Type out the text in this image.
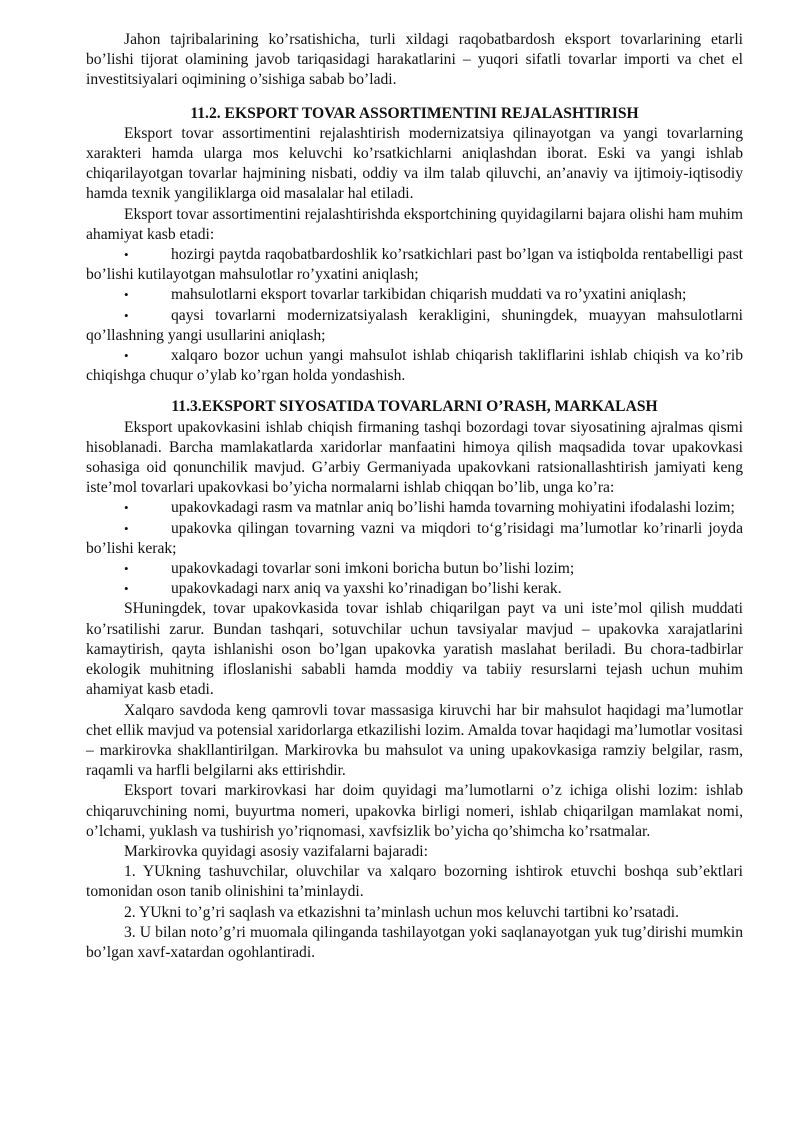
Jahon tajribalarining ko’rsatishicha, turli xildagi raqobatbardosh eksport tovarlarining etarli bo’lishi tijorat olamining javob tariqasidagi harakatlarini – yuqori sifatli tovarlar importi va chet el investitsiyalari oqimining o’sishiga sabab bo’ladi.

11.2. EKSPORT TOVAR ASSORTIMENTINI REJALASHTIRISH

Eksport tovar assortimentini rejalashtirish modernizatsiya qilinayotgan va yangi tovarlarning xarakteri hamda ularga mos keluvchi ko’rsatkichlarni aniqlashdan iborat. Eski va yangi ishlab chiqarilayotgan tovarlar hajmining nisbati, oddiy va ilm talab qiluvchi, an’anaviy va ijtimoiy-iqtisodiy hamda texnik yangiliklarga oid masalalar hal etiladi.

Eksport tovar assortimentini rejalashtirishda eksportchining quyidagilarni bajara olishi ham muhim ahamiyat kasb etadi:

•	hozirgi paytda raqobatbardoshlik ko’rsatkichlari past bo’lgan va istiqbolda rentabelligi past bo’lishi kutilayotgan mahsulotlar ro’yxatini aniqlash;
•	mahsulotlarni eksport tovarlar tarkibidan chiqarish muddati va ro’yxatini aniqlash;
•	qaysi tovarlarni modernizatsiyalash kerakligini, shuningdek, muayyan mahsulotlarni qo’llashning yangi usullarini aniqlash;
•	xalqaro bozor uchun yangi mahsulot ishlab chiqarish takliflarini ishlab chiqish va ko’rib chiqishga chuqur o’ylab ko’rgan holda yondashish.
11.3.EKSPORT SIYOSATIDA TOVARLARNI O’RASH, MARKALASH

Eksport upakovkasini ishlab chiqish firmaning tashqi bozordagi tovar siyosatining ajralmas qismi hisoblanadi. Barcha mamlakatlarda xaridorlar manfaatini himoya qilish maqsadida tovar upakovkasi sohasiga oid qonunchilik mavjud. G’arbiy Germaniyada upakovkani ratsionallashtirish jamiyati keng iste’mol tovarlari upakovkasi bo’yicha normalarni ishlab chiqqan bo’lib, unga ko’ra:

•	upakovkadagi rasm va matnlar aniq bo’lishi hamda tovarning mohiyatini ifodalashi lozim;
•	upakovka qilingan tovarning vazni va miqdori to‘g’risidagi ma’lumotlar ko’rinarli joyda bo’lishi kerak;
•	upakovkadagi tovarlar soni imkoni boricha butun bo’lishi lozim;
•	upakovkadagi narx aniq va yaxshi ko’rinadigan bo’lishi kerak.

SHuningdek, tovar upakovkasida tovar ishlab chiqarilgan payt va uni iste’mol qilish muddati ko’rsatilishi zarur. Bundan tashqari, sotuvchilar uchun tavsiyalar mavjud – upakovka xarajatlarini kamaytirish, qayta ishlanishi oson bo’lgan upakovka yaratish maslahat beriladi. Bu chora-tadbirlar ekologik muhitning ifloslanishi sababli hamda moddiy va tabiiy resurslarni tejash uchun muhim ahamiyat kasb etadi.

Xalqaro savdoda keng qamrovli tovar massasiga kiruvchi har bir mahsulot haqidagi ma’lumotlar chet ellik mavjud va potensial xaridorlarga etkazilishi lozim. Amalda tovar haqidagi ma’lumotlar vositasi – markirovka shakllantirilgan. Markirovka bu mahsulot va uning upakovkasiga ramziy belgilar, rasm, raqamli va harfli belgilarni aks ettirishdir.

Eksport tovari markirovkasi har doim quyidagi ma’lumotlarni o’z ichiga olishi lozim: ishlab chiqaruvchining nomi, buyurtma nomeri, upakovka birligi nomeri, ishlab chiqarilgan mamlakat nomi, o’lchami, yuklash va tushirish yo’riqnomasi, xavfsizlik bo’yicha qo’shimcha ko’rsatmalar.

Markirovka quyidagi asosiy vazifalarni bajaradi:

1. YUkning tashuvchilar, oluvchilar va xalqaro bozorning ishtirok etuvchi boshqa sub’ektlari tomonidan oson tanib olinishini ta’minlaydi.

2. YUkni to’g’ri saqlash va etkazishni ta’minlash uchun mos keluvchi tartibni ko’rsatadi.

3. U bilan noto’g’ri muomala qilinganda tashilayotgan yoki saqlanayotgan yuk tug’dirishi mumkin bo’lgan xavf-xatardan ogohlantiradi.
